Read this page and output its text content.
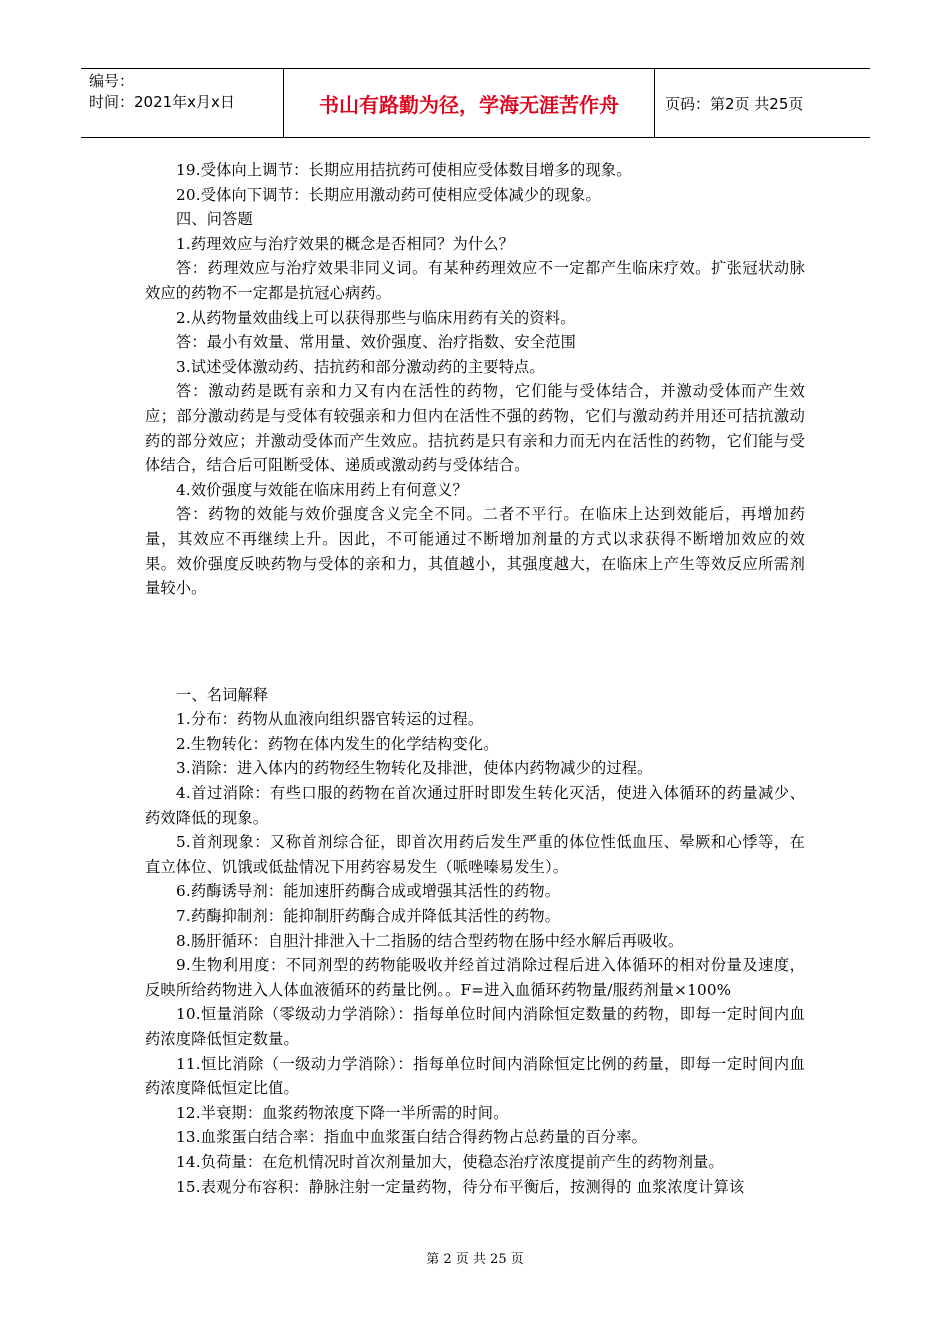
编号：
时间：2021年x月x日	书山有路勤为径，学海无涯苦作舟	页码：第2页 共25页

19.受体向上调节：长期应用拮抗药可使相应受体数目增多的现象。

20.受体向下调节：长期应用激动药可使相应受体减少的现象。

四、问答题

1.药理效应与治疗效果的概念是否相同？为什么？

答：药理效应与治疗效果非同义词。有某种药理效应不一定都产生临床疗效。扩张冠状动脉效应的药物不一定都是抗冠心病药。

2.从药物量效曲线上可以获得那些与临床用药有关的资料。

答：最小有效量、常用量、效价强度、治疗指数、安全范围

3.试述受体激动药、拮抗药和部分激动药的主要特点。

答：激动药是既有亲和力又有内在活性的药物，它们能与受体结合，并激动受体而产生效应；部分激动药是与受体有较强亲和力但内在活性不强的药物，它们与激动药并用还可拮抗激动药的部分效应；并激动受体而产生效应。拮抗药是只有亲和力而无内在活性的药物，它们能与受体结合，结合后可阻断受体、递质或激动药与受体结合。

4.效价强度与效能在临床用药上有何意义？

答：药物的效能与效价强度含义完全不同。二者不平行。在临床上达到效能后，再增加药量，其效应不再继续上升。因此，不可能通过不断增加剂量的方式以求获得不断增加效应的效果。效价强度反映药物与受体的亲和力，其值越小，其强度越大，在临床上产生等效反应所需剂量较小。

一、名词解释

1.分布：药物从血液向组织器官转运的过程。

2.生物转化：药物在体内发生的化学结构变化。

3.消除：进入体内的药物经生物转化及排泄，使体内药物减少的过程。

4.首过消除：有些口服的药物在首次通过肝时即发生转化灭活，使进入体循环的药量减少、药效降低的现象。

5.首剂现象：又称首剂综合征，即首次用药后发生严重的体位性低血压、晕厥和心悸等，在直立体位、饥饿或低盐情况下用药容易发生（哌唑嗪易发生）。

6.药酶诱导剂：能加速肝药酶合成或增强其活性的药物。

7.药酶抑制剂：能抑制肝药酶合成并降低其活性的药物。

8.肠肝循环：自胆汁排泄入十二指肠的结合型药物在肠中经水解后再吸收。

9.生物利用度：不同剂型的药物能吸收并经首过消除过程后进入体循环的相对份量及速度，反映所给药物进入人体血液循环的药量比例。。F=进入血循环药物量/服药剂量×100%

10.恒量消除（零级动力学消除）：指每单位时间内消除恒定数量的药物，即每一定时间内血药浓度降低恒定数量。

11.恒比消除（一级动力学消除）：指每单位时间内消除恒定比例的药量，即每一定时间内血药浓度降低恒定比值。

12.半衰期：血浆药物浓度下降一半所需的时间。

13.血浆蛋白结合率：指血中血浆蛋白结合得药物占总药量的百分率。

14.负荷量：在危机情况时首次剂量加大，使稳态治疗浓度提前产生的药物剂量。

15.表观分布容积：静脉注射一定量药物，待分布平衡后，按测得的 血浆浓度计算该

第 2 页 共 25 页
